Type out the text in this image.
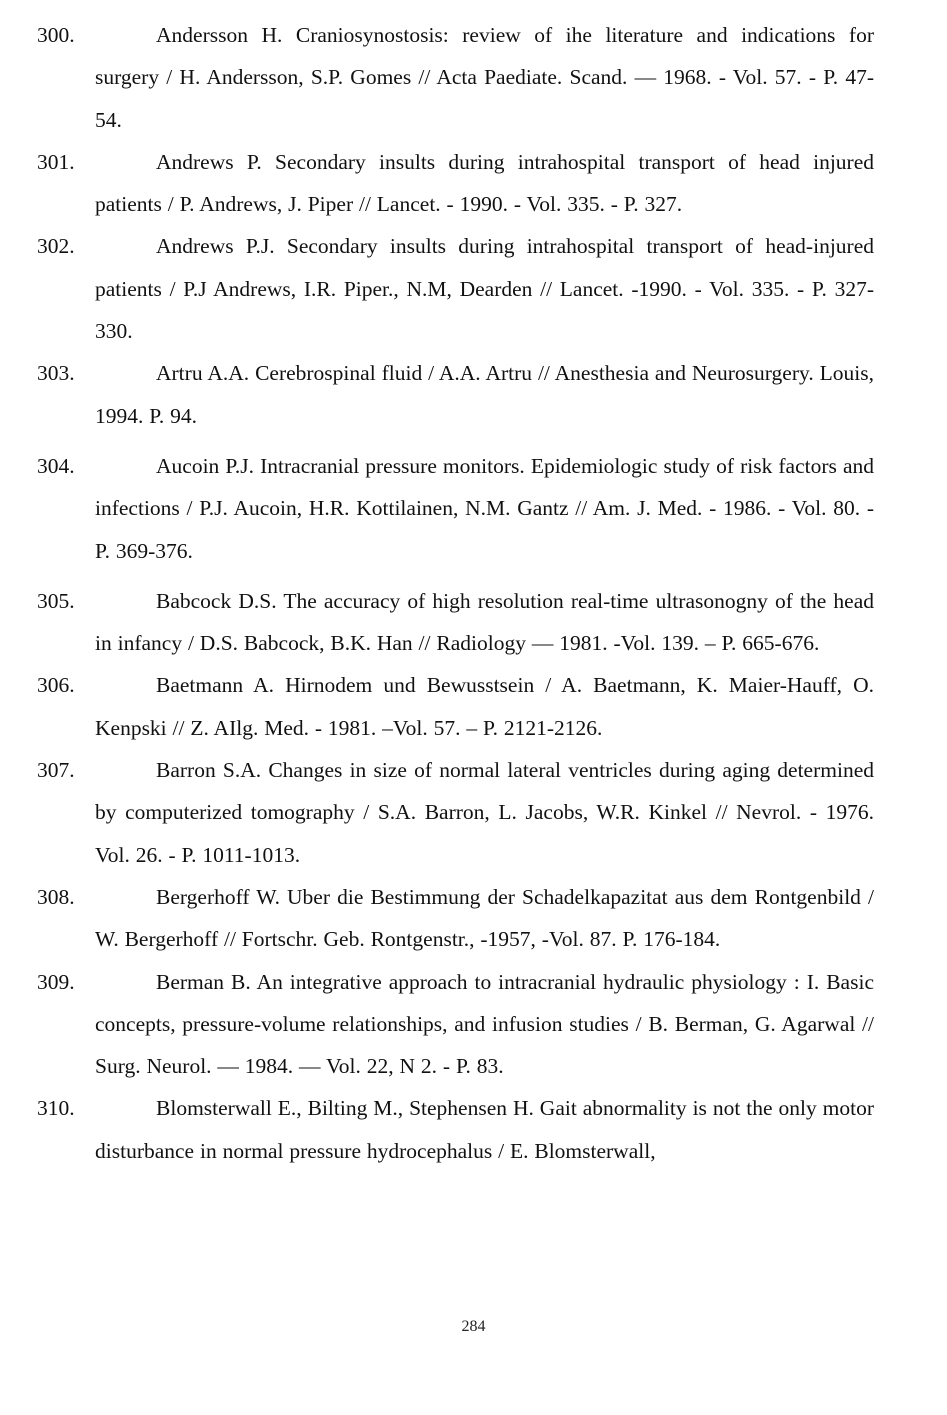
300.	Andersson H. Craniosynostosis: review of ihe literature and indications for surgery / H. Andersson, S.P. Gomes // Acta Paediate. Scand. — 1968. - Vol. 57. - P. 47-54.
301.	Andrews P. Secondary insults during intrahospital transport of head injured patients / P. Andrews, J. Piper // Lancet. - 1990. - Vol. 335. - P. 327.
302.	Andrews P.J. Secondary insults during intrahospital transport of head-injured patients / P.J Andrews, I.R. Piper., N.M, Dearden // Lancet. -1990. - Vol. 335. - P. 327-330.
303.	Artru A.A. Cerebrospinal fluid / A.A. Artru // Anesthesia and Neurosurgery. Louis, 1994. P. 94.
304.	Aucoin P.J. Intracranial pressure monitors. Epidemiologic study of risk factors and infections / P.J. Aucoin, H.R. Kottilainen, N.M. Gantz // Am. J. Med. - 1986. - Vol. 80. - P. 369-376.
305.	Babcock D.S. The accuracy of high resolution real-time ultrasonogny of the head in infancy / D.S. Babcock, B.K. Han // Radiology — 1981. -Vol. 139. – P. 665-676.
306.	Baetmann A. Hirnodem und Bewusstsein / A. Baetmann, K. Maier-Hauff, O. Kenpski // Z. AIlg. Med. - 1981. –Vol. 57. – P. 2121-2126.
307.	Barron S.A. Changes in size of normal lateral ventricles during aging determined by computerized tomography / S.A. Barron, L. Jacobs, W.R. Kinkel // Nevrol. - 1976. Vol. 26. - P. 1011-1013.
308.	Bergerhoff W. Uber die Bestimmung der Schadelkapazitat aus dem Rontgenbild / W. Bergerhoff // Fortschr. Geb. Rontgenstr., -1957, -Vol. 87. P. 176-184.
309.	Berman B. An integrative approach to intracranial hydraulic physiology : I. Basic concepts, pressure-volume relationships, and infusion studies / B. Berman, G. Agarwal // Surg. Neurol. — 1984. — Vol. 22, N 2. - P. 83.
310.	Blomsterwall E., Bilting M., Stephensen H. Gait abnormality is not the only motor disturbance in normal pressure hydrocephalus / E. Blomsterwall,
284
